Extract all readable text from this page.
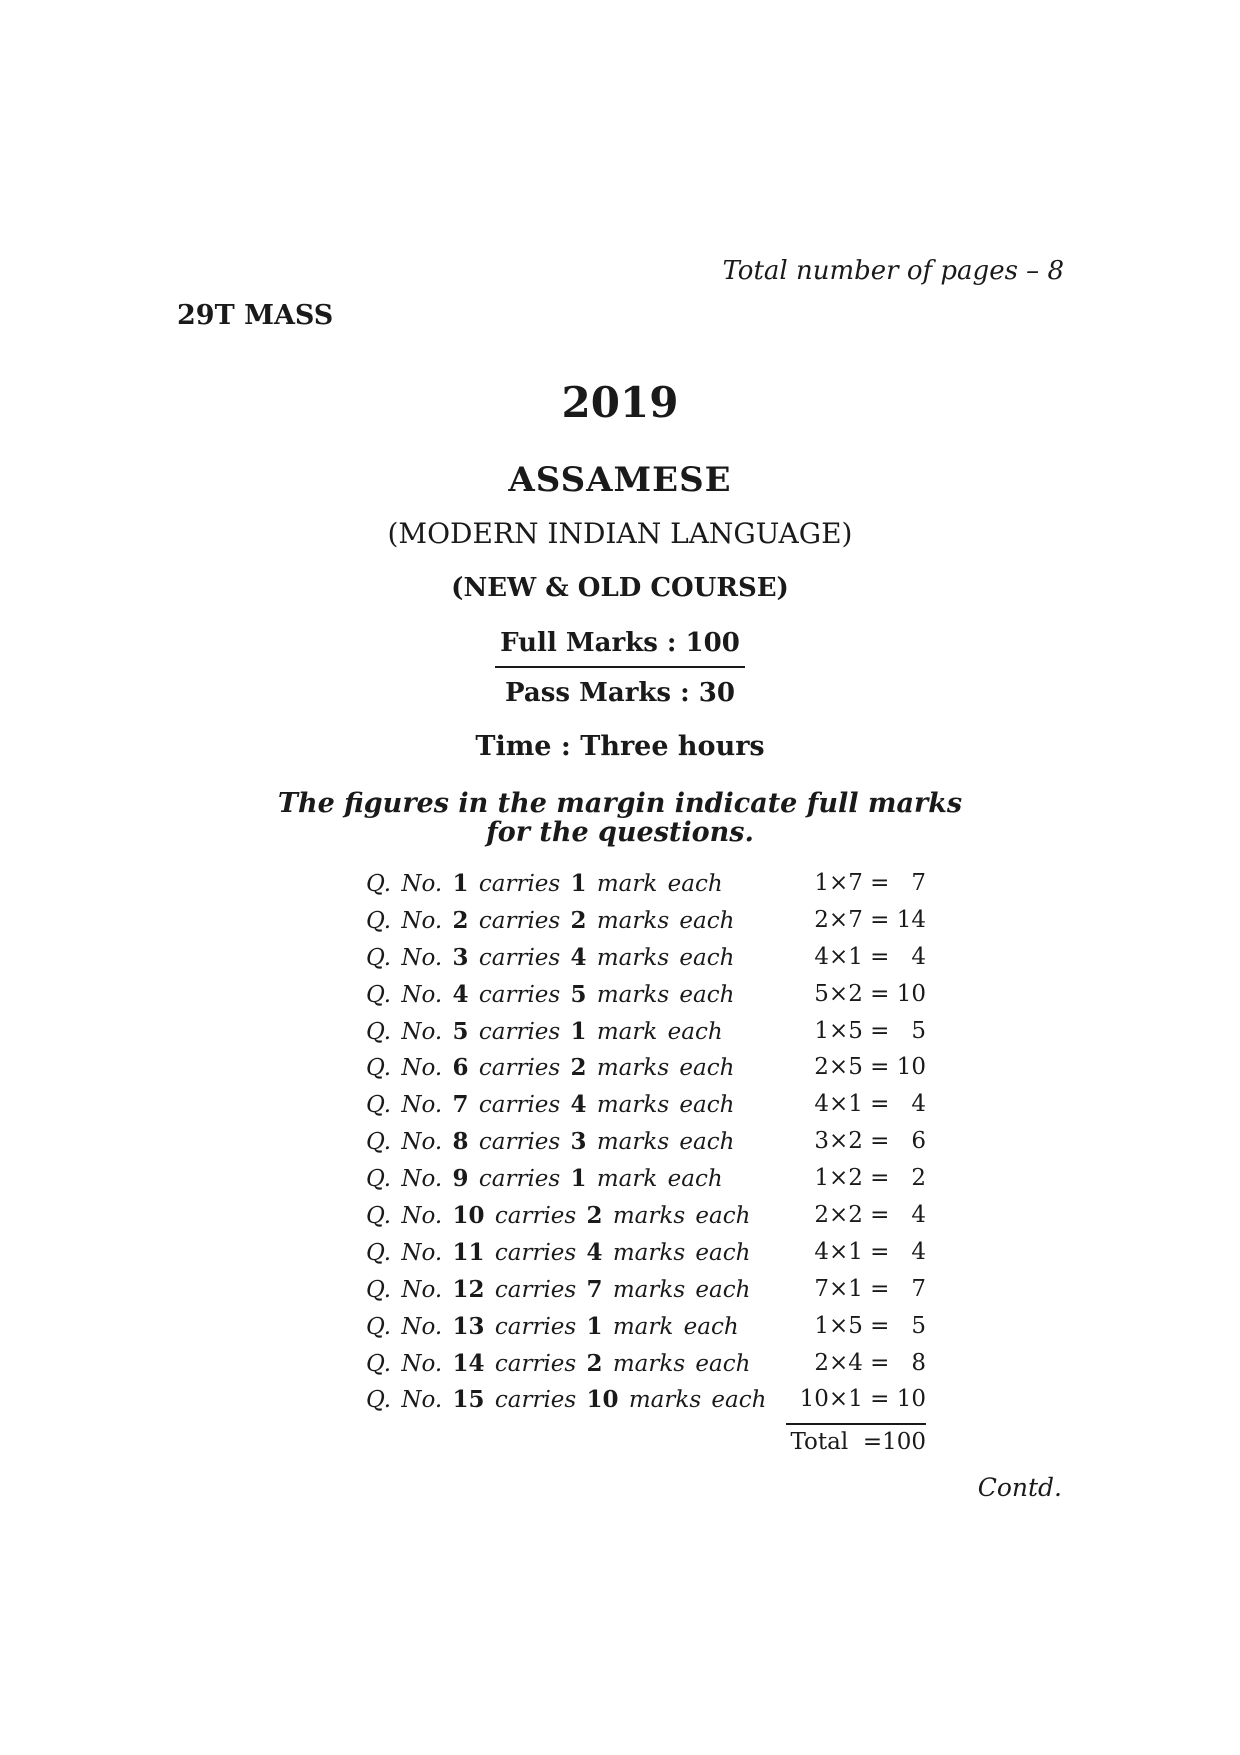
Total number of pages – 8
29T MASS
2019
ASSAMESE
(MODERN INDIAN LANGUAGE)
(NEW & OLD COURSE)
Full Marks : 100
Pass Marks : 30
Time : Three hours
The figures in the margin indicate full marks
for the questions.
Q. No. 1 carries 1 mark each	1×7 =   7
Q. No. 2 carries 2 marks each	2×7 = 14
Q. No. 3 carries 4 marks each	4×1 =   4
Q. No. 4 carries 5 marks each	5×2 = 10
Q. No. 5 carries 1 mark each	1×5 =   5
Q. No. 6 carries 2 marks each	2×5 = 10
Q. No. 7 carries 4 marks each	4×1 =   4
Q. No. 8 carries 3 marks each	3×2 =   6
Q. No. 9 carries 1 mark each	1×2 =   2
Q. No. 10 carries 2 marks each	2×2 =   4
Q. No. 11 carries 4 marks each	4×1 =   4
Q. No. 12 carries 7 marks each	7×1 =   7
Q. No. 13 carries 1 mark each	1×5 =   5
Q. No. 14 carries 2 marks each	2×4 =   8
Q. No. 15 carries 10 marks each 10×1 = 10
Total  =100
Contd.
